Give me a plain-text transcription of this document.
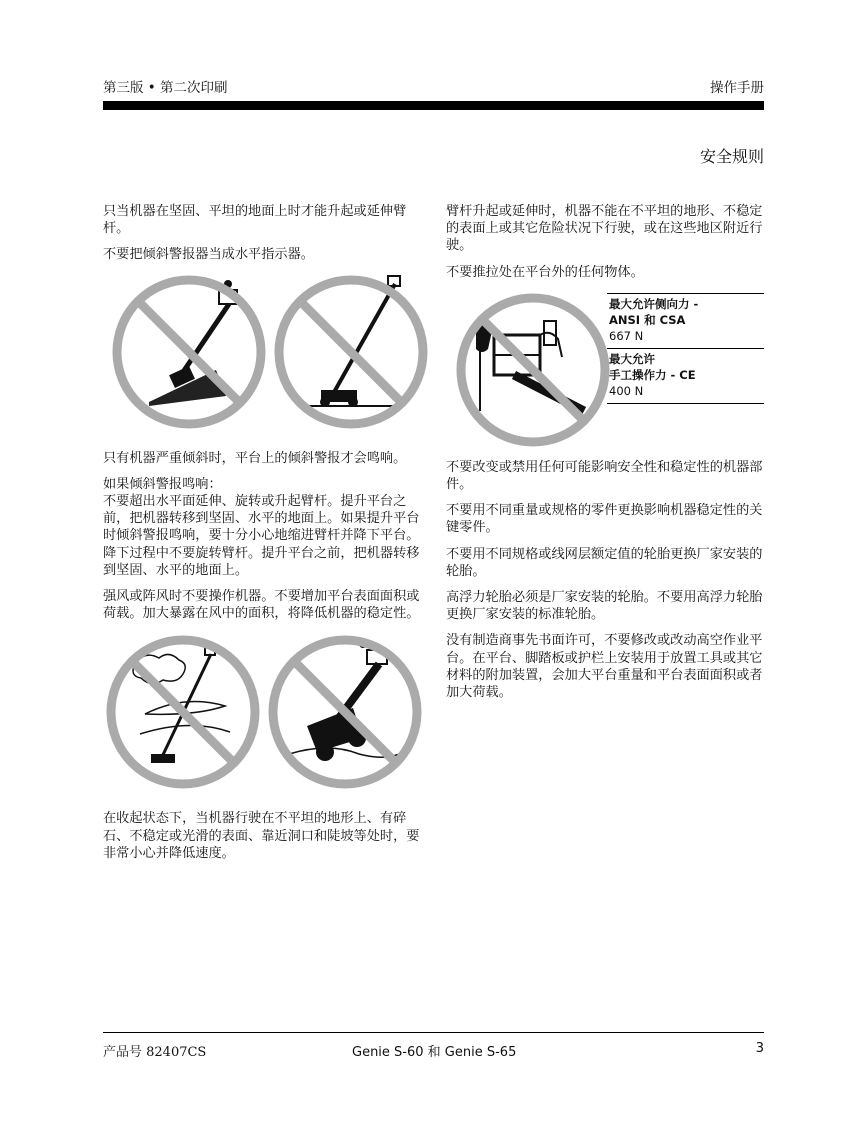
第三版 • 第二次印刷	操作手册
安全规则

只当机器在坚固、平坦的地面上时才能升起或延伸臂杆。

不要把倾斜警报器当成水平指示器。

只有机器严重倾斜时，平台上的倾斜警报才会鸣响。

如果倾斜警报鸣响：

不要超出水平面延伸、旋转或升起臂杆。提升平台之前，把机器转移到坚固、水平的地面上。如果提升平台时倾斜警报鸣响，要十分小心地缩进臂杆并降下平台。降下过程中不要旋转臂杆。提升平台之前，把机器转移到坚固、水平的地面上。

强风或阵风时不要操作机器。不要增加平台表面面积或荷载。加大暴露在风中的面积，将降低机器的稳定性。

在收起状态下，当机器行驶在不平坦的地形上、有碎石、不稳定或光滑的表面、靠近洞口和陡坡等处时，要非常小心并降低速度。

臂杆升起或延伸时，机器不能在不平坦的地形、不稳定的表面上或其它危险状况下行驶，或在这些地区附近行驶。

不要推拉处在平台外的任何物体。

最大允许侧向力 -
ANSI 和 CSA
667 N
最大允许
手工操作力 - CE
400 N

不要改变或禁用任何可能影响安全性和稳定性的机器部件。

不要用不同重量或规格的零件更换影响机器稳定性的关键零件。

不要用不同规格或线网层额定值的轮胎更换厂家安装的轮胎。

高浮力轮胎必须是厂家安装的轮胎。不要用高浮力轮胎更换厂家安装的标准轮胎。

没有制造商事先书面许可，不要修改或改动高空作业平台。在平台、脚踏板或护栏上安装用于放置工具或其它材料的附加装置，会加大平台重量和平台表面面积或者加大荷载。

产品号 82407CS	Genie S-60 和 Genie S-65	3
